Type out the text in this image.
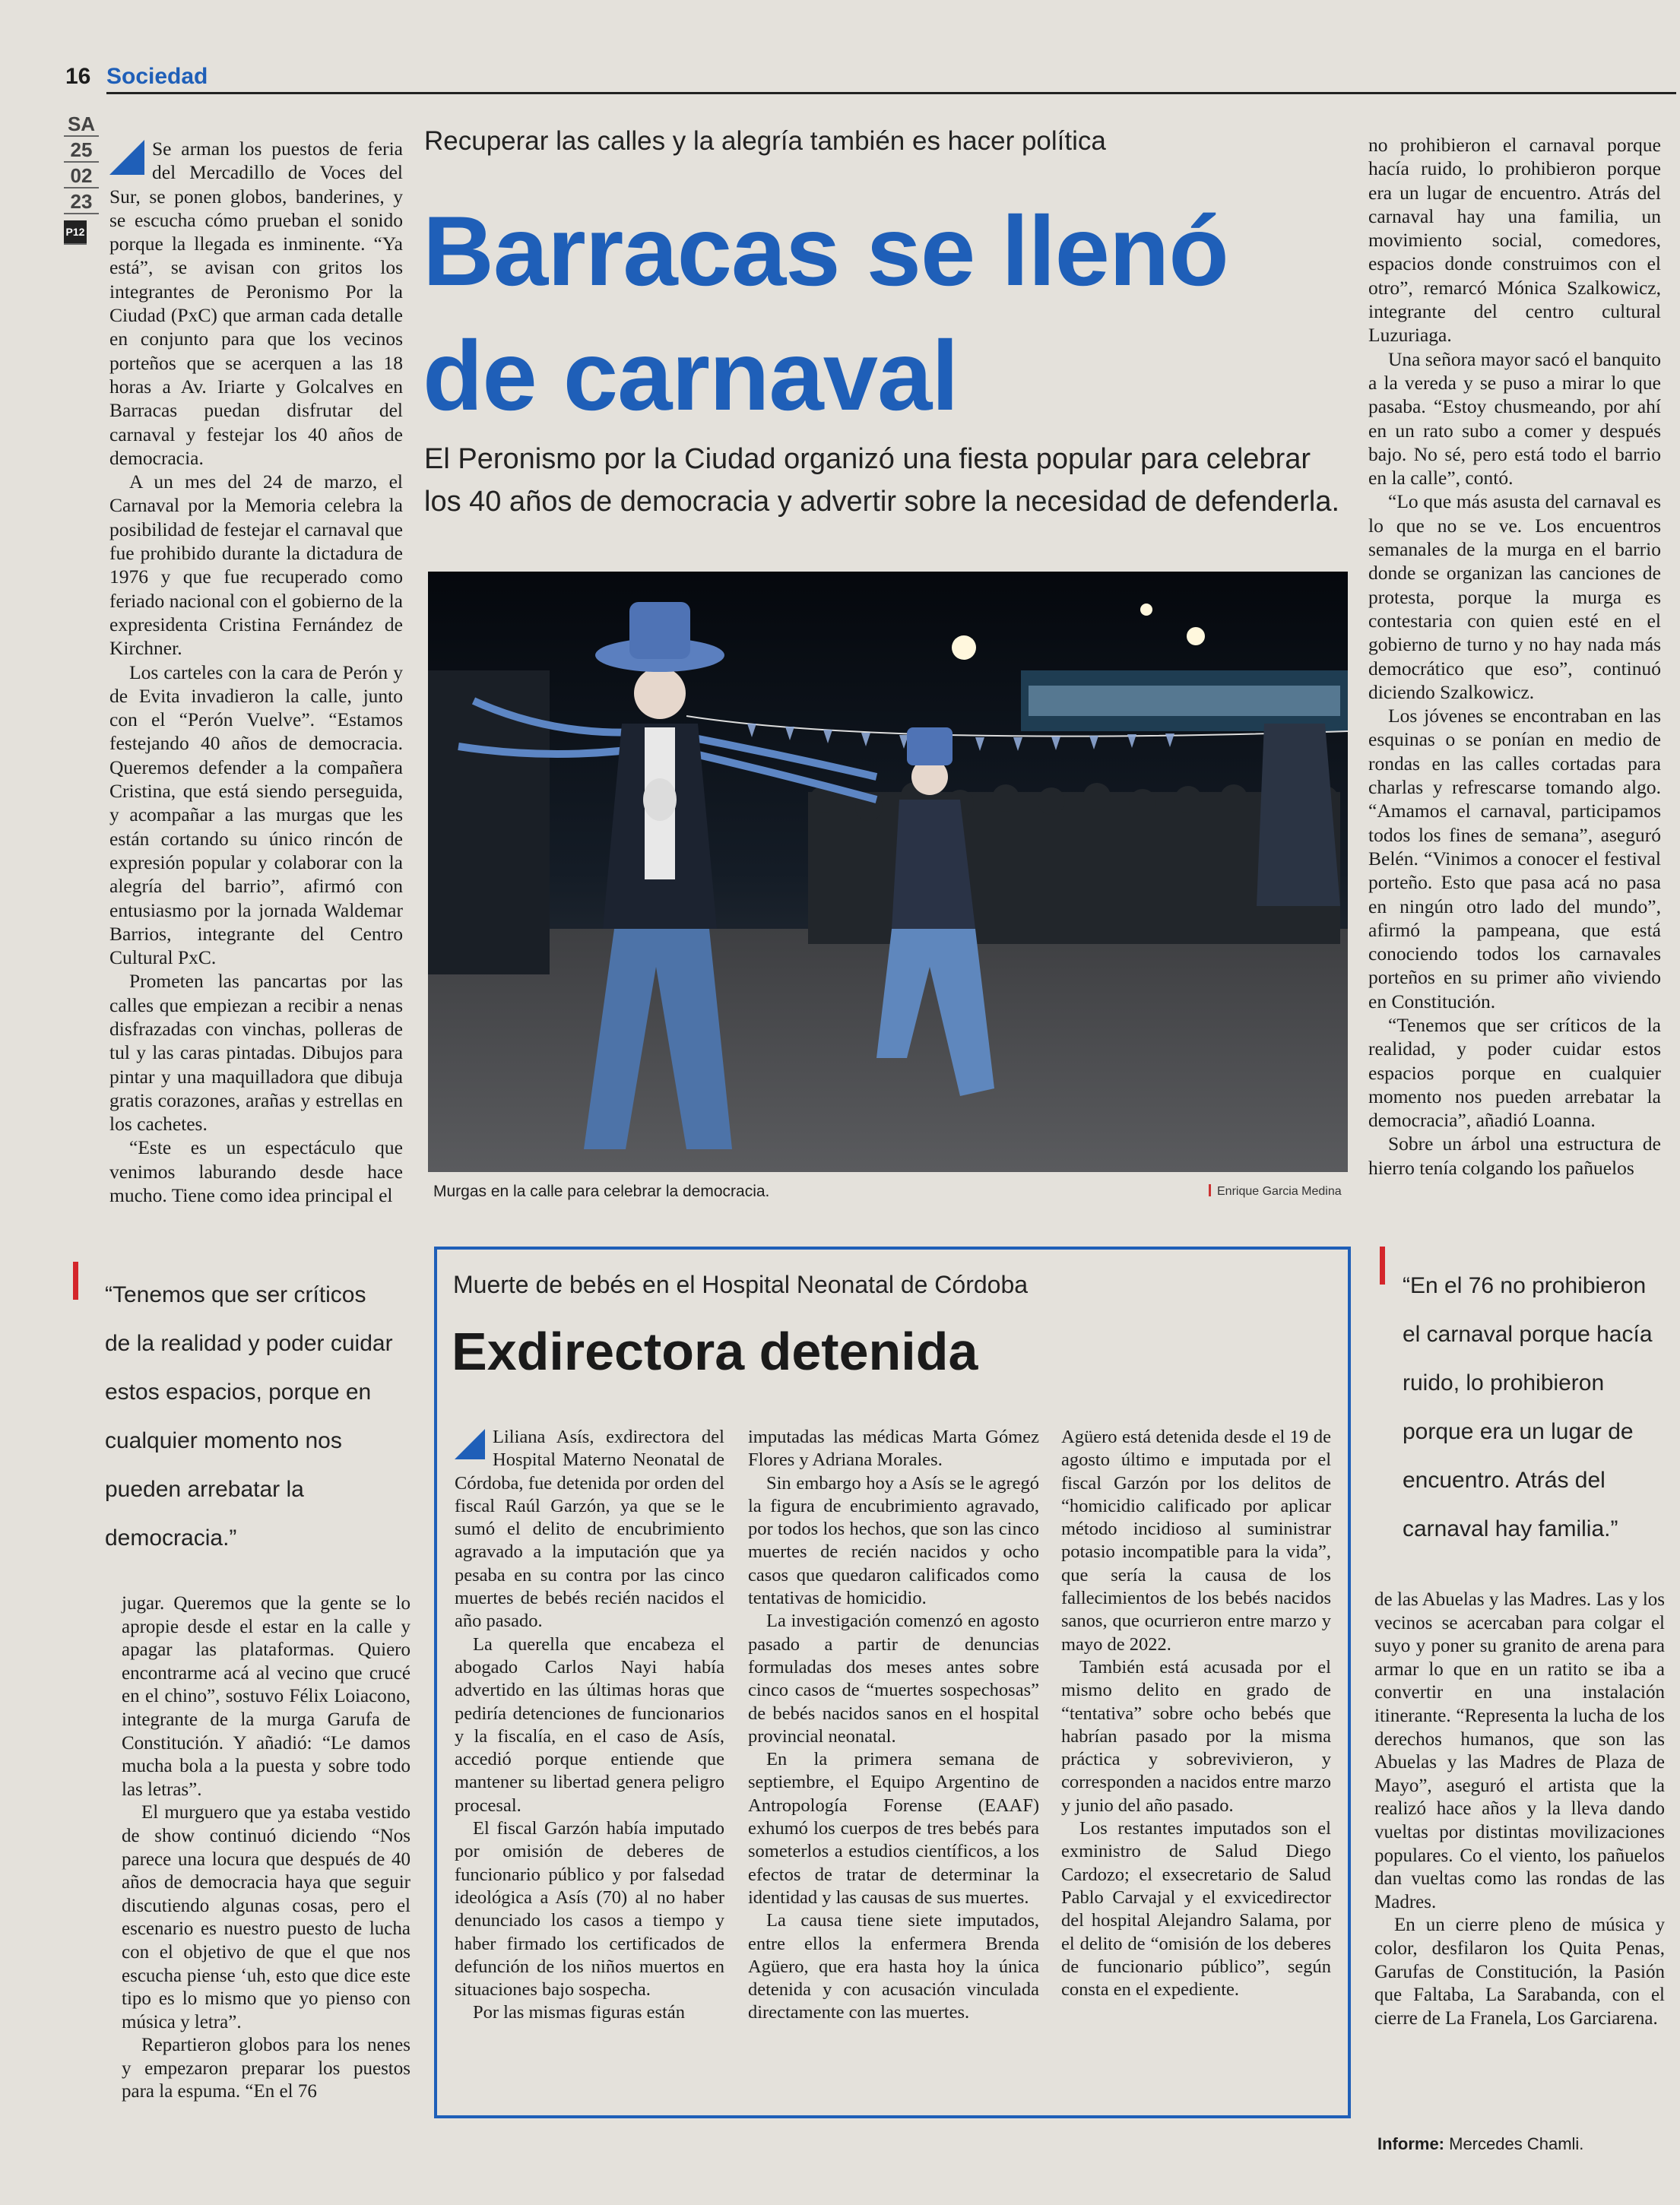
16 Sociedad
SA
25
02
23
P12

Se arman los puestos de feria del Mercadillo de Voces del Sur, se ponen globos, banderines, y se escucha cómo prueban el sonido porque la llegada es inminente. “Ya está”, se avisan con gritos los integrantes de Peronismo Por la Ciudad (PxC) que arman cada detalle en conjunto para que los vecinos porteños que se acerquen a las 18 horas a Av. Iriarte y Golcalves en Barracas puedan disfrutar del carnaval y festejar los 40 años de democracia.

A un mes del 24 de marzo, el Carnaval por la Memoria celebra la posibilidad de festejar el carnaval que fue prohibido durante la dictadura de 1976 y que fue recuperado como feriado nacional con el gobierno de la expresidenta Cristina Fernández de Kirchner.

Los carteles con la cara de Perón y de Evita invadieron la calle, junto con el “Perón Vuelve”. “Estamos festejando 40 años de democracia. Queremos defender a la compañera Cristina, que está siendo perseguida, y acompañar a las murgas que les están cortando su único rincón de expresión popular y colaborar con la alegría del barrio”, afirmó con entusiasmo por la jornada Waldemar Barrios, integrante del Centro Cultural PxC.

Prometen las pancartas por las calles que empiezan a recibir a nenas disfrazadas con vinchas, polleras de tul y las caras pintadas. Dibujos para pintar y una maquilladora que dibuja gratis corazones, arañas y estrellas en los cachetes.

“Este es un espectáculo que venimos laburando desde hace mucho. Tiene como idea principal el

Recuperar las calles y la alegría también es hacer política
Barracas se llenó
de carnaval
El Peronismo por la Ciudad organizó una fiesta popular para celebrar
los 40 años de democracia y advertir sobre la necesidad de defenderla.
Murgas en la calle para celebrar la democracia.	Enrique Garcia Medina

no prohibieron el carnaval porque hacía ruido, lo prohibieron porque era un lugar de encuentro. Atrás del carnaval hay una familia, un movimiento social, comedores, espacios donde construimos con el otro”, remarcó Mónica Szalkowicz, integrante del centro cultural Luzuriaga.

Una señora mayor sacó el banquito a la vereda y se puso a mirar lo que pasaba. “Estoy chusmeando, por ahí en un rato subo a comer y después bajo. No sé, pero está todo el barrio en la calle”, contó.

“Lo que más asusta del carnaval es lo que no se ve. Los encuentros semanales de la murga en el barrio donde se organizan las canciones de protesta, porque la murga es contestaria con quien esté en el gobierno de turno y no hay nada más democrático que eso”, continuó diciendo Szalkowicz.

Los jóvenes se encontraban en las esquinas o se ponían en medio de rondas en las calles cortadas para charlas y refrescarse tomando algo. “Amamos el carnaval, participamos todos los fines de semana”, aseguró Belén. “Vinimos a conocer el festival porteño. Esto que pasa acá no pasa en ningún otro lado del mundo”, afirmó la pampeana, que está conociendo todos los carnavales porteños en su primer año viviendo en Constitución.

“Tenemos que ser críticos de la realidad, y poder cuidar estos espacios porque en cualquier momento nos pueden arrebatar la democracia”, añadió Loanna.

Sobre un árbol una estructura de hierro tenía colgando los pañuelos

“Tenemos que ser críticos
de la realidad y poder cuidar
estos espacios, porque en
cualquier momento nos
pueden arrebatar la
democracia.”
“En el 76 no prohibieron
el carnaval porque hacía
ruido, lo prohibieron
porque era un lugar de
encuentro. Atrás del
carnaval hay familia.”

jugar. Queremos que la gente se lo apropie desde el estar en la calle y apagar las plataformas. Quiero encontrarme acá al vecino que crucé en el chino”, sostuvo Félix Loiacono, integrante de la murga Garufa de Constitución. Y añadió: “Le damos mucha bola a la puesta y sobre todo las letras”.

El murguero que ya estaba vestido de show continuó diciendo “Nos parece una locura que después de 40 años de democracia haya que seguir discutiendo algunas cosas, pero el escenario es nuestro puesto de lucha con el objetivo de que el que nos escucha piense ‘uh, esto que dice este tipo es lo mismo que yo pienso con música y letra”.

Repartieron globos para los nenes y empezaron preparar los puestos para la espuma. “En el 76

de las Abuelas y las Madres. Las y los vecinos se acercaban para colgar el suyo y poner su granito de arena para armar lo que en un ratito se iba a convertir en una instalación itinerante. “Representa la lucha de los derechos humanos, que son las Abuelas y las Madres de Plaza de Mayo”, aseguró el artista que la realizó hace años y la lleva dando vueltas por distintas movilizaciones populares. Co el viento, los pañuelos dan vueltas como las rondas de las Madres.

En un cierre pleno de música y color, desfilaron los Quita Penas, Garufas de Constitución, la Pasión que Faltaba, La Sarabanda, con el cierre de La Franela, Los Garciarena.

Informe: Mercedes Chamli.
Muerte de bebés en el Hospital Neonatal de Córdoba
Exdirectora detenida

Liliana Asís, exdirectora del Hospital Materno Neonatal de Córdoba, fue detenida por orden del fiscal Raúl Garzón, ya que se le sumó el delito de encubrimiento agravado a la imputación que ya pesaba en su contra por las cinco muertes de bebés recién nacidos el año pasado.

La querella que encabeza el abogado Carlos Nayi había advertido en las últimas horas que pediría detenciones de funcionarios y la fiscalía, en el caso de Asís, accedió porque entiende que mantener su libertad genera peligro procesal.

El fiscal Garzón había imputado por omisión de deberes de funcionario público y por falsedad ideológica a Asís (70) al no haber denunciado los casos a tiempo y haber firmado los certificados de defunción de los niños muertos en situaciones bajo sospecha.

Por las mismas figuras están

imputadas las médicas Marta Gómez Flores y Adriana Morales.

Sin embargo hoy a Asís se le agregó la figura de encubrimiento agravado, por todos los hechos, que son las cinco muertes de recién nacidos y ocho casos que quedaron calificados como tentativas de homicidio.

La investigación comenzó en agosto pasado a partir de denuncias formuladas dos meses antes sobre cinco casos de “muertes sospechosas” de bebés nacidos sanos en el hospital provincial neonatal.

En la primera semana de septiembre, el Equipo Argentino de Antropología Forense (EAAF) exhumó los cuerpos de tres bebés para someterlos a estudios científicos, a los efectos de tratar de determinar la identidad y las causas de sus muertes.

La causa tiene siete imputados, entre ellos la enfermera Brenda Agüero, que era hasta hoy la única detenida y con acusación vinculada directamente con las muertes.

Agüero está detenida desde el 19 de agosto último e imputada por el fiscal Garzón por los delitos de “homicidio calificado por aplicar método incidioso al suministrar potasio incompatible para la vida”, que sería la causa de los fallecimientos de los bebés nacidos sanos, que ocurrieron entre marzo y mayo de 2022.

También está acusada por el mismo delito en grado de “tentativa” sobre ocho bebés que habrían pasado por la misma práctica y sobrevivieron, y corresponden a nacidos entre marzo y junio del año pasado.

Los restantes imputados son el exministro de Salud Diego Cardozo; el exsecretario de Salud Pablo Carvajal y el exvicedirector del hospital Alejandro Salama, por el delito de “omisión de los deberes de funcionario público”, según consta en el expediente.
